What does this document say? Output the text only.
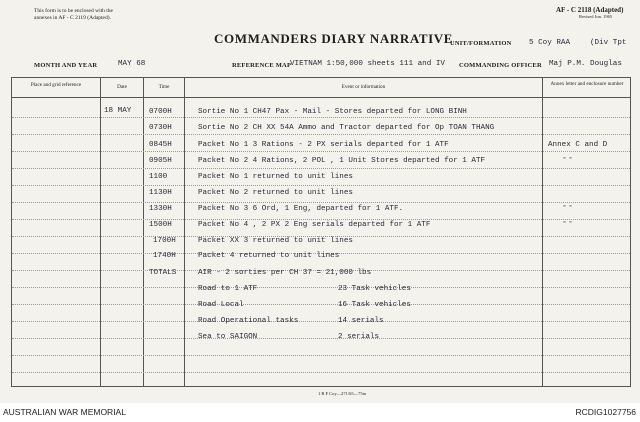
This form is to be enclosed with the
annexes in AF - C 2119 (Adapted).
COMMANDERS DIARY NARRATIVE
AF - C 2118 (Adapted)
Revised Jun. 1965
UNIT/FORMATION 5 Coy RAA	(Div Tpt
MONTH AND YEAR	MAY 68	REFERENCE MAP
VIETNAM 1:50,000 sheets 111 and IV COMMANDING OFFICER Maj P.M. Douglas
Place and grid reference	Date	Time	Event or information	Annex letter and enclosure number
18 MAY 0700H	Sortie No 1 CH47 Pax - Mail - Stores departed for LONG BINH
0730H	Sortie No 2 CH XX 54A Ammo and Tractor departed for Op TOAN THANG
0845H	Packet No 1 3 Rations - 2 PX serials departed for 1 ATF	Annex C and D
0905H	Packet No 2 4 Rations, 2 POL , 1 Unit Stores departed for 1 ATF	" "
1100	Packet No 1 returned to unit lines
1130H	Packet No 2 returned to unit lines
1330H	Packet No 3 6 Ord, 1 Eng, departed for 1 ATF.	" "
1500H	Packet No 4 , 2 PX 2 Eng serials departed for 1 ATF	" "
1700H	Packet XX 3 returned to unit lines
1740H	Packet 4 returned to unit lines
TOTALS	AIR - 2 sorties per CH 37 = 21,000 lbs
Road to 1 ATF	23 Task vehicles
Road Local	16 Task vehicles
Road Operational tasks	14 serials
Sea to SAIGON	2 serials
1 B F Coy—271/65—75m
AUSTRALIAN WAR MEMORIAL	RCDIG1027756
